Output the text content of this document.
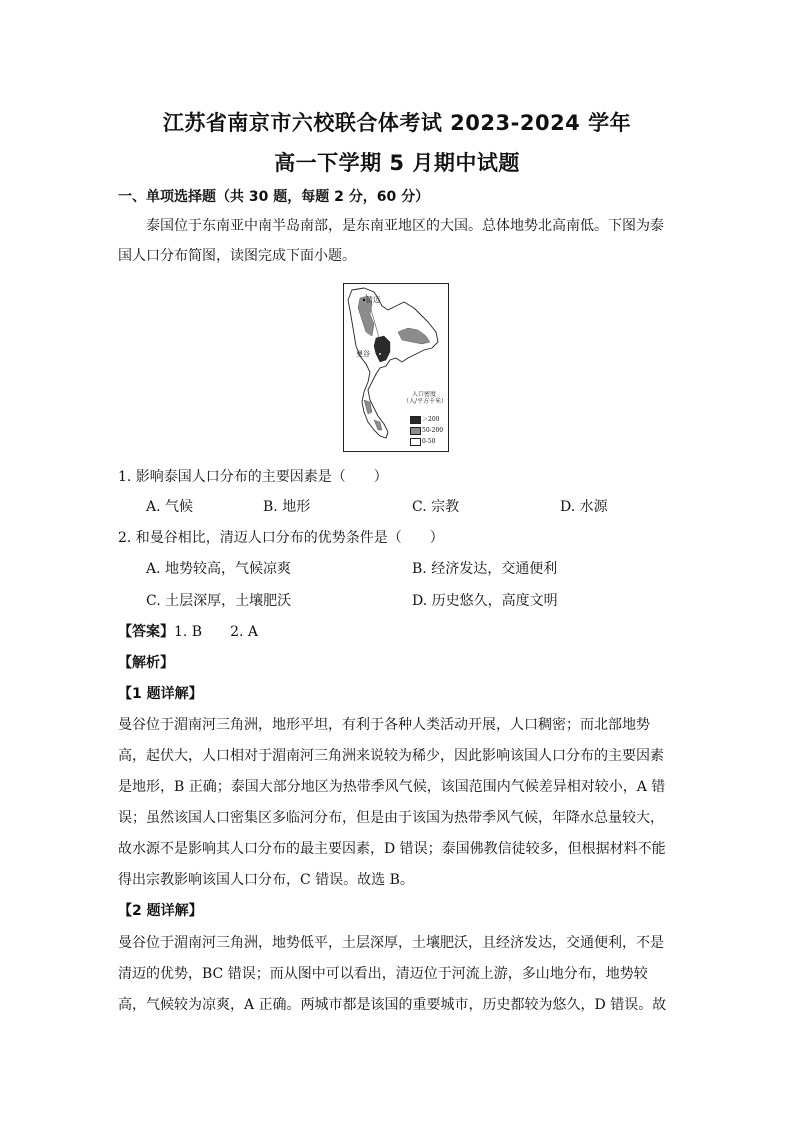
江苏省南京市六校联合体考试 2023-2024 学年
高一下学期 5 月期中试题
一、单项选择题（共 30 题，每题 2 分，60 分）
泰国位于东南亚中南半岛南部，是东南亚地区的大国。总体地势北高南低。下图为泰
国人口分布简图，读图完成下面小题。
清迈
曼谷
人口密度
（人/平方千米）
＞200
50-200
0-50
1. 影响泰国人口分布的主要因素是（　　）
A. 气候	B. 地形	C. 宗教	D. 水源
2. 和曼谷相比，清迈人口分布的优势条件是（　　）
A. 地势较高，气候凉爽	B. 经济发达，交通便利
C. 土层深厚，土壤肥沃	D. 历史悠久，高度文明
【答案】1. B　　2. A
【解析】
【1 题详解】
曼谷位于湄南河三角洲，地形平坦，有利于各种人类活动开展，人口稠密；而北部地势
高，起伏大，人口相对于湄南河三角洲来说较为稀少，因此影响该国人口分布的主要因素
是地形，B 正确；泰国大部分地区为热带季风气候，该国范围内气候差异相对较小，A 错
误；虽然该国人口密集区多临河分布，但是由于该国为热带季风气候，年降水总量较大，
故水源不是影响其人口分布的最主要因素，D 错误；泰国佛教信徒较多，但根据材料不能
得出宗教影响该国人口分布，C 错误。故选 B。
【2 题详解】
曼谷位于湄南河三角洲，地势低平，土层深厚，土壤肥沃，且经济发达，交通便利，不是
清迈的优势，BC 错误；而从图中可以看出，清迈位于河流上游，多山地分布，地势较
高，气候较为凉爽，A 正确。两城市都是该国的重要城市，历史都较为悠久，D 错误。故
